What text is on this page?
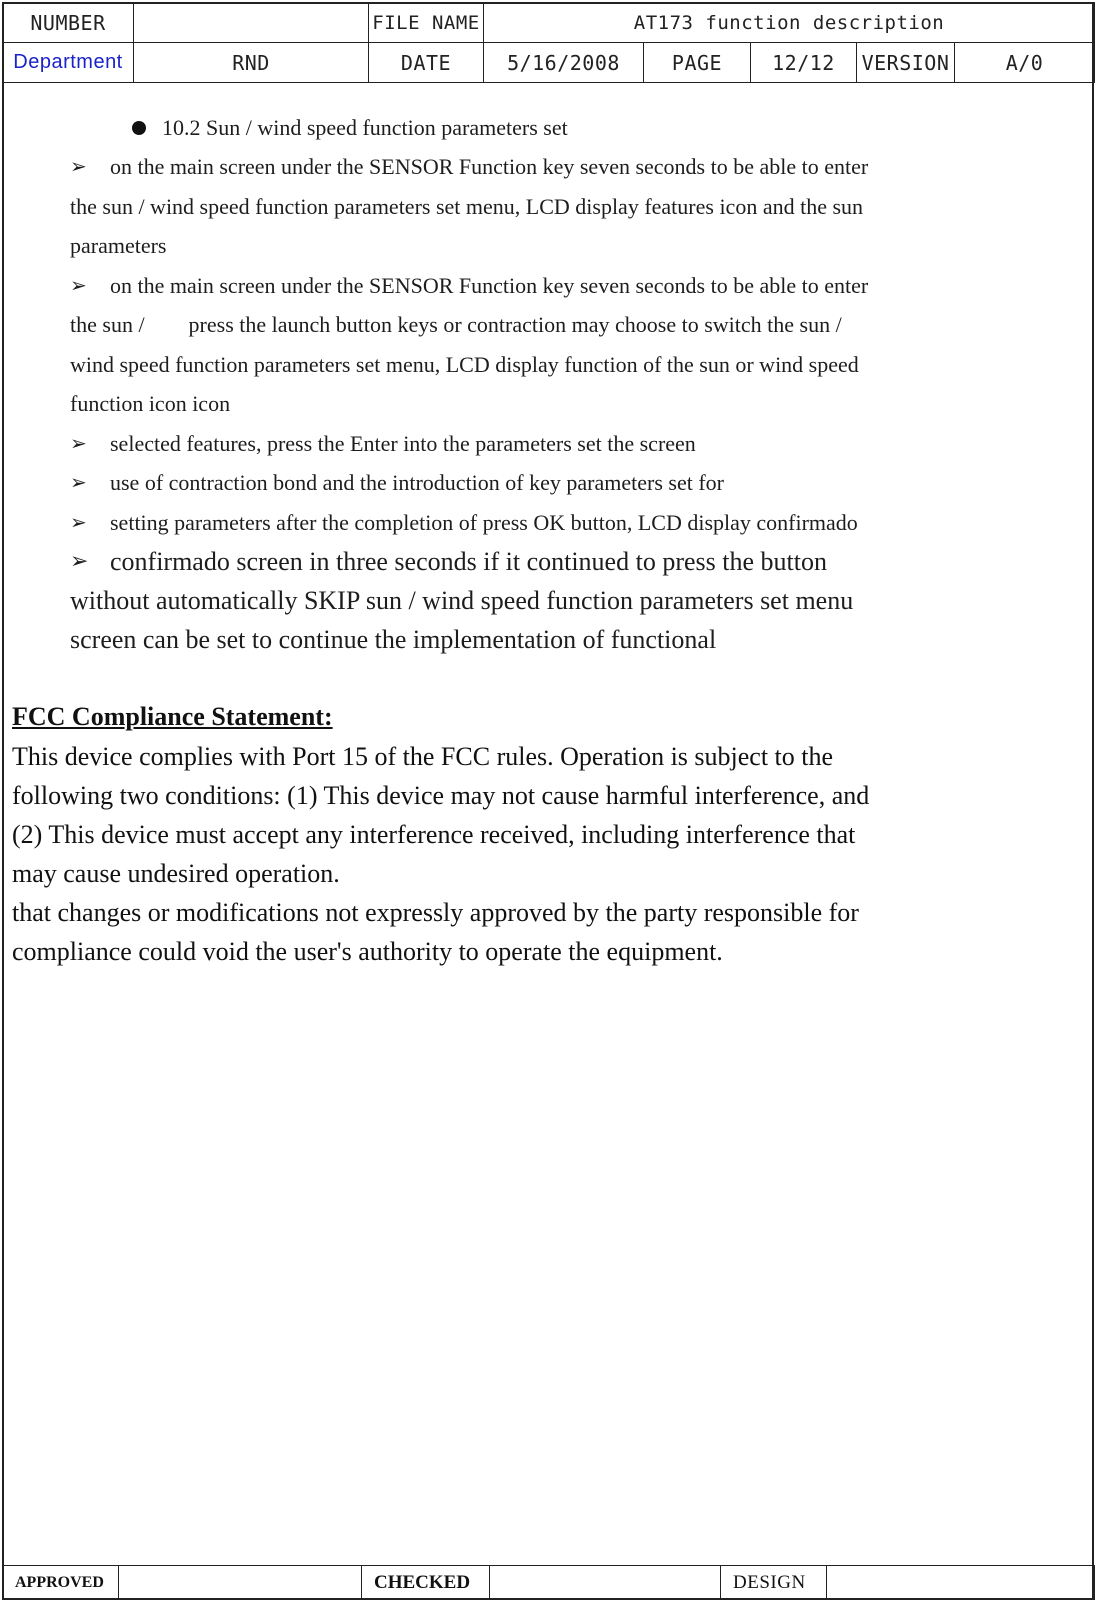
NUMBER		FILE NAME	AT173 function description				
Department	RND	DATE	5/16/2008	PAGE	12/12	VERSION	A/0
10.2 Sun / wind speed function parameters set
➢ on the main screen under the SENSOR Function key seven seconds to be able to enter
the sun / wind speed function parameters set menu, LCD display features icon and the sun
parameters
➢ on the main screen under the SENSOR Function key seven seconds to be able to enter
the sun /        press the launch button keys or contraction may choose to switch the sun /
wind speed function parameters set menu, LCD display function of the sun or wind speed
function icon icon
➢ selected features, press the Enter into the parameters set the screen
➢ use of contraction bond and the introduction of key parameters set for
➢ setting parameters after the completion of press OK button, LCD display confirmado
➢ confirmado screen in three seconds if it continued to press the button
without automatically SKIP sun / wind speed function parameters set menu
screen can be set to continue the implementation of functional
FCC Compliance Statement:
This device complies with Port 15 of the FCC rules. Operation is subject to the
following two conditions: (1) This device may not cause harmful interference, and
(2) This device must accept any interference received, including interference that
may cause undesired operation.
that changes or modifications not expressly approved by the party responsible for
compliance could void the user's authority to operate the equipment.
APPROVED		CHECKED		DESIGN	
